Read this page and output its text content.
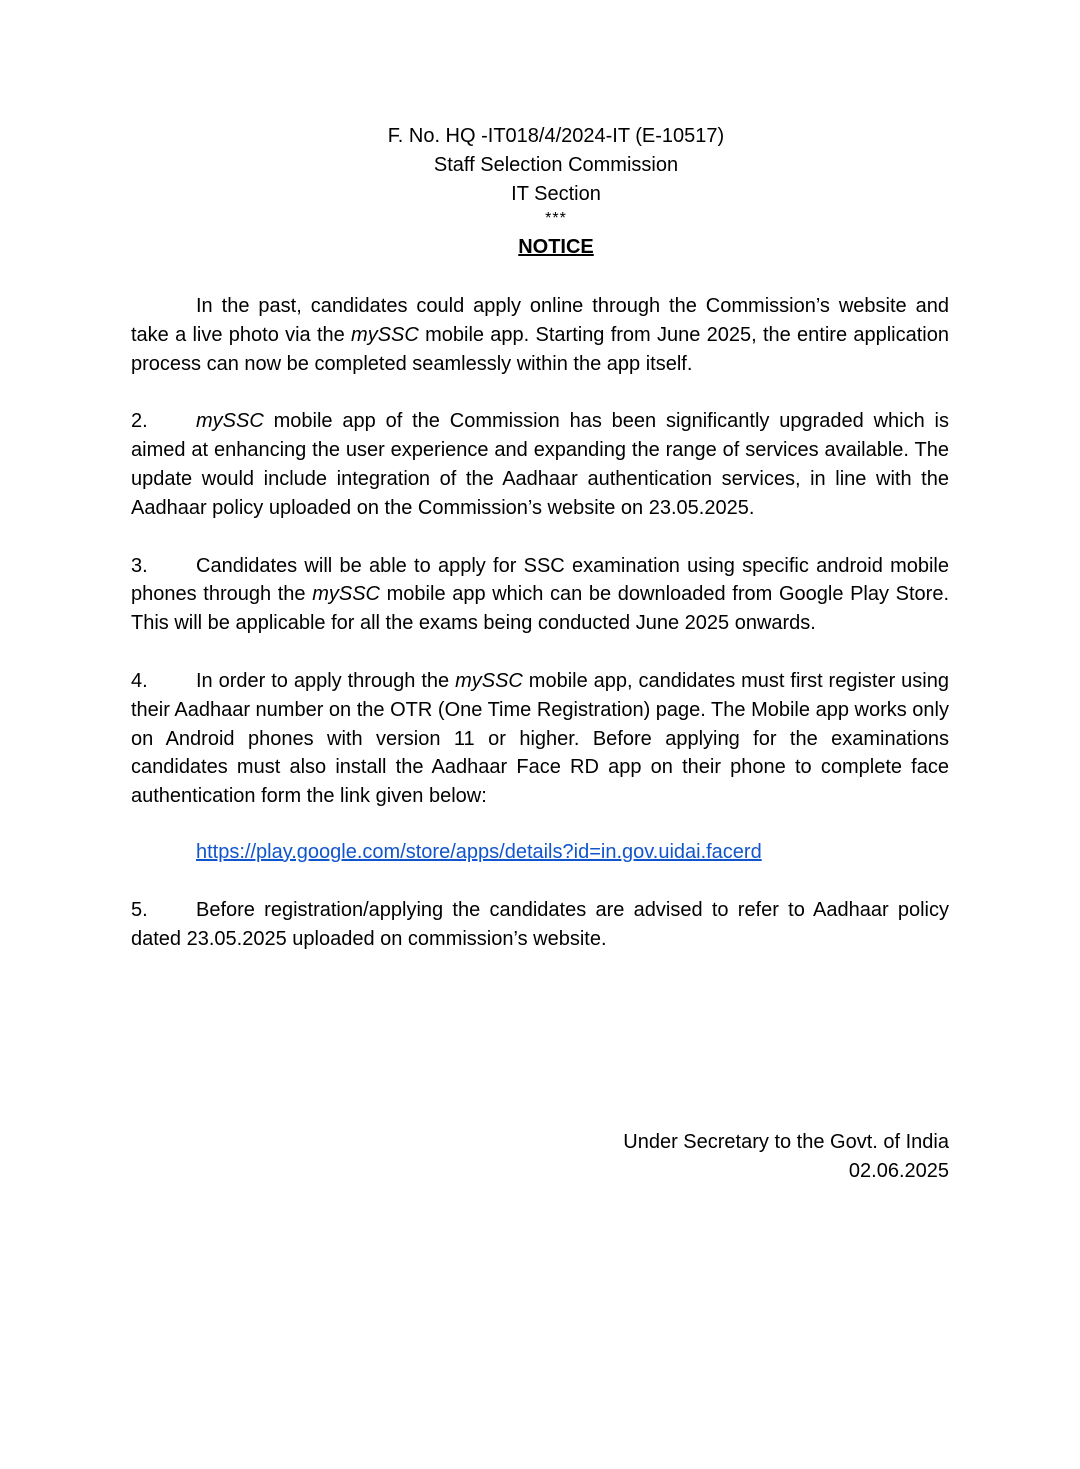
F. No. HQ -IT018/4/2024-IT (E-10517)
Staff Selection Commission
IT Section
***
NOTICE

In the past, candidates could apply online through the Commission’s website and take a live photo via the mySSC mobile app. Starting from June 2025, the entire application process can now be completed seamlessly within the app itself.

2. mySSC mobile app of the Commission has been significantly upgraded which is aimed at enhancing the user experience and expanding the range of services available. The update would include integration of the Aadhaar authentication services, in line with the Aadhaar policy uploaded on the Commission’s website on 23.05.2025.

3. Candidates will be able to apply for SSC examination using specific android mobile phones through the mySSC mobile app which can be downloaded from Google Play Store. This will be applicable for all the exams being conducted June 2025 onwards.

4. In order to apply through the mySSC mobile app, candidates must first register using their Aadhaar number on the OTR (One Time Registration) page. The Mobile app works only on Android phones with version 11 or higher. Before applying for the examinations candidates must also install the Aadhaar Face RD app on their phone to complete face authentication form the link given below:

https://play.google.com/store/apps/details?id=in.gov.uidai.facerd

5. Before registration/applying the candidates are advised to refer to Aadhaar policy dated 23.05.2025 uploaded on commission’s website.

Under Secretary to the Govt. of India
02.06.2025
